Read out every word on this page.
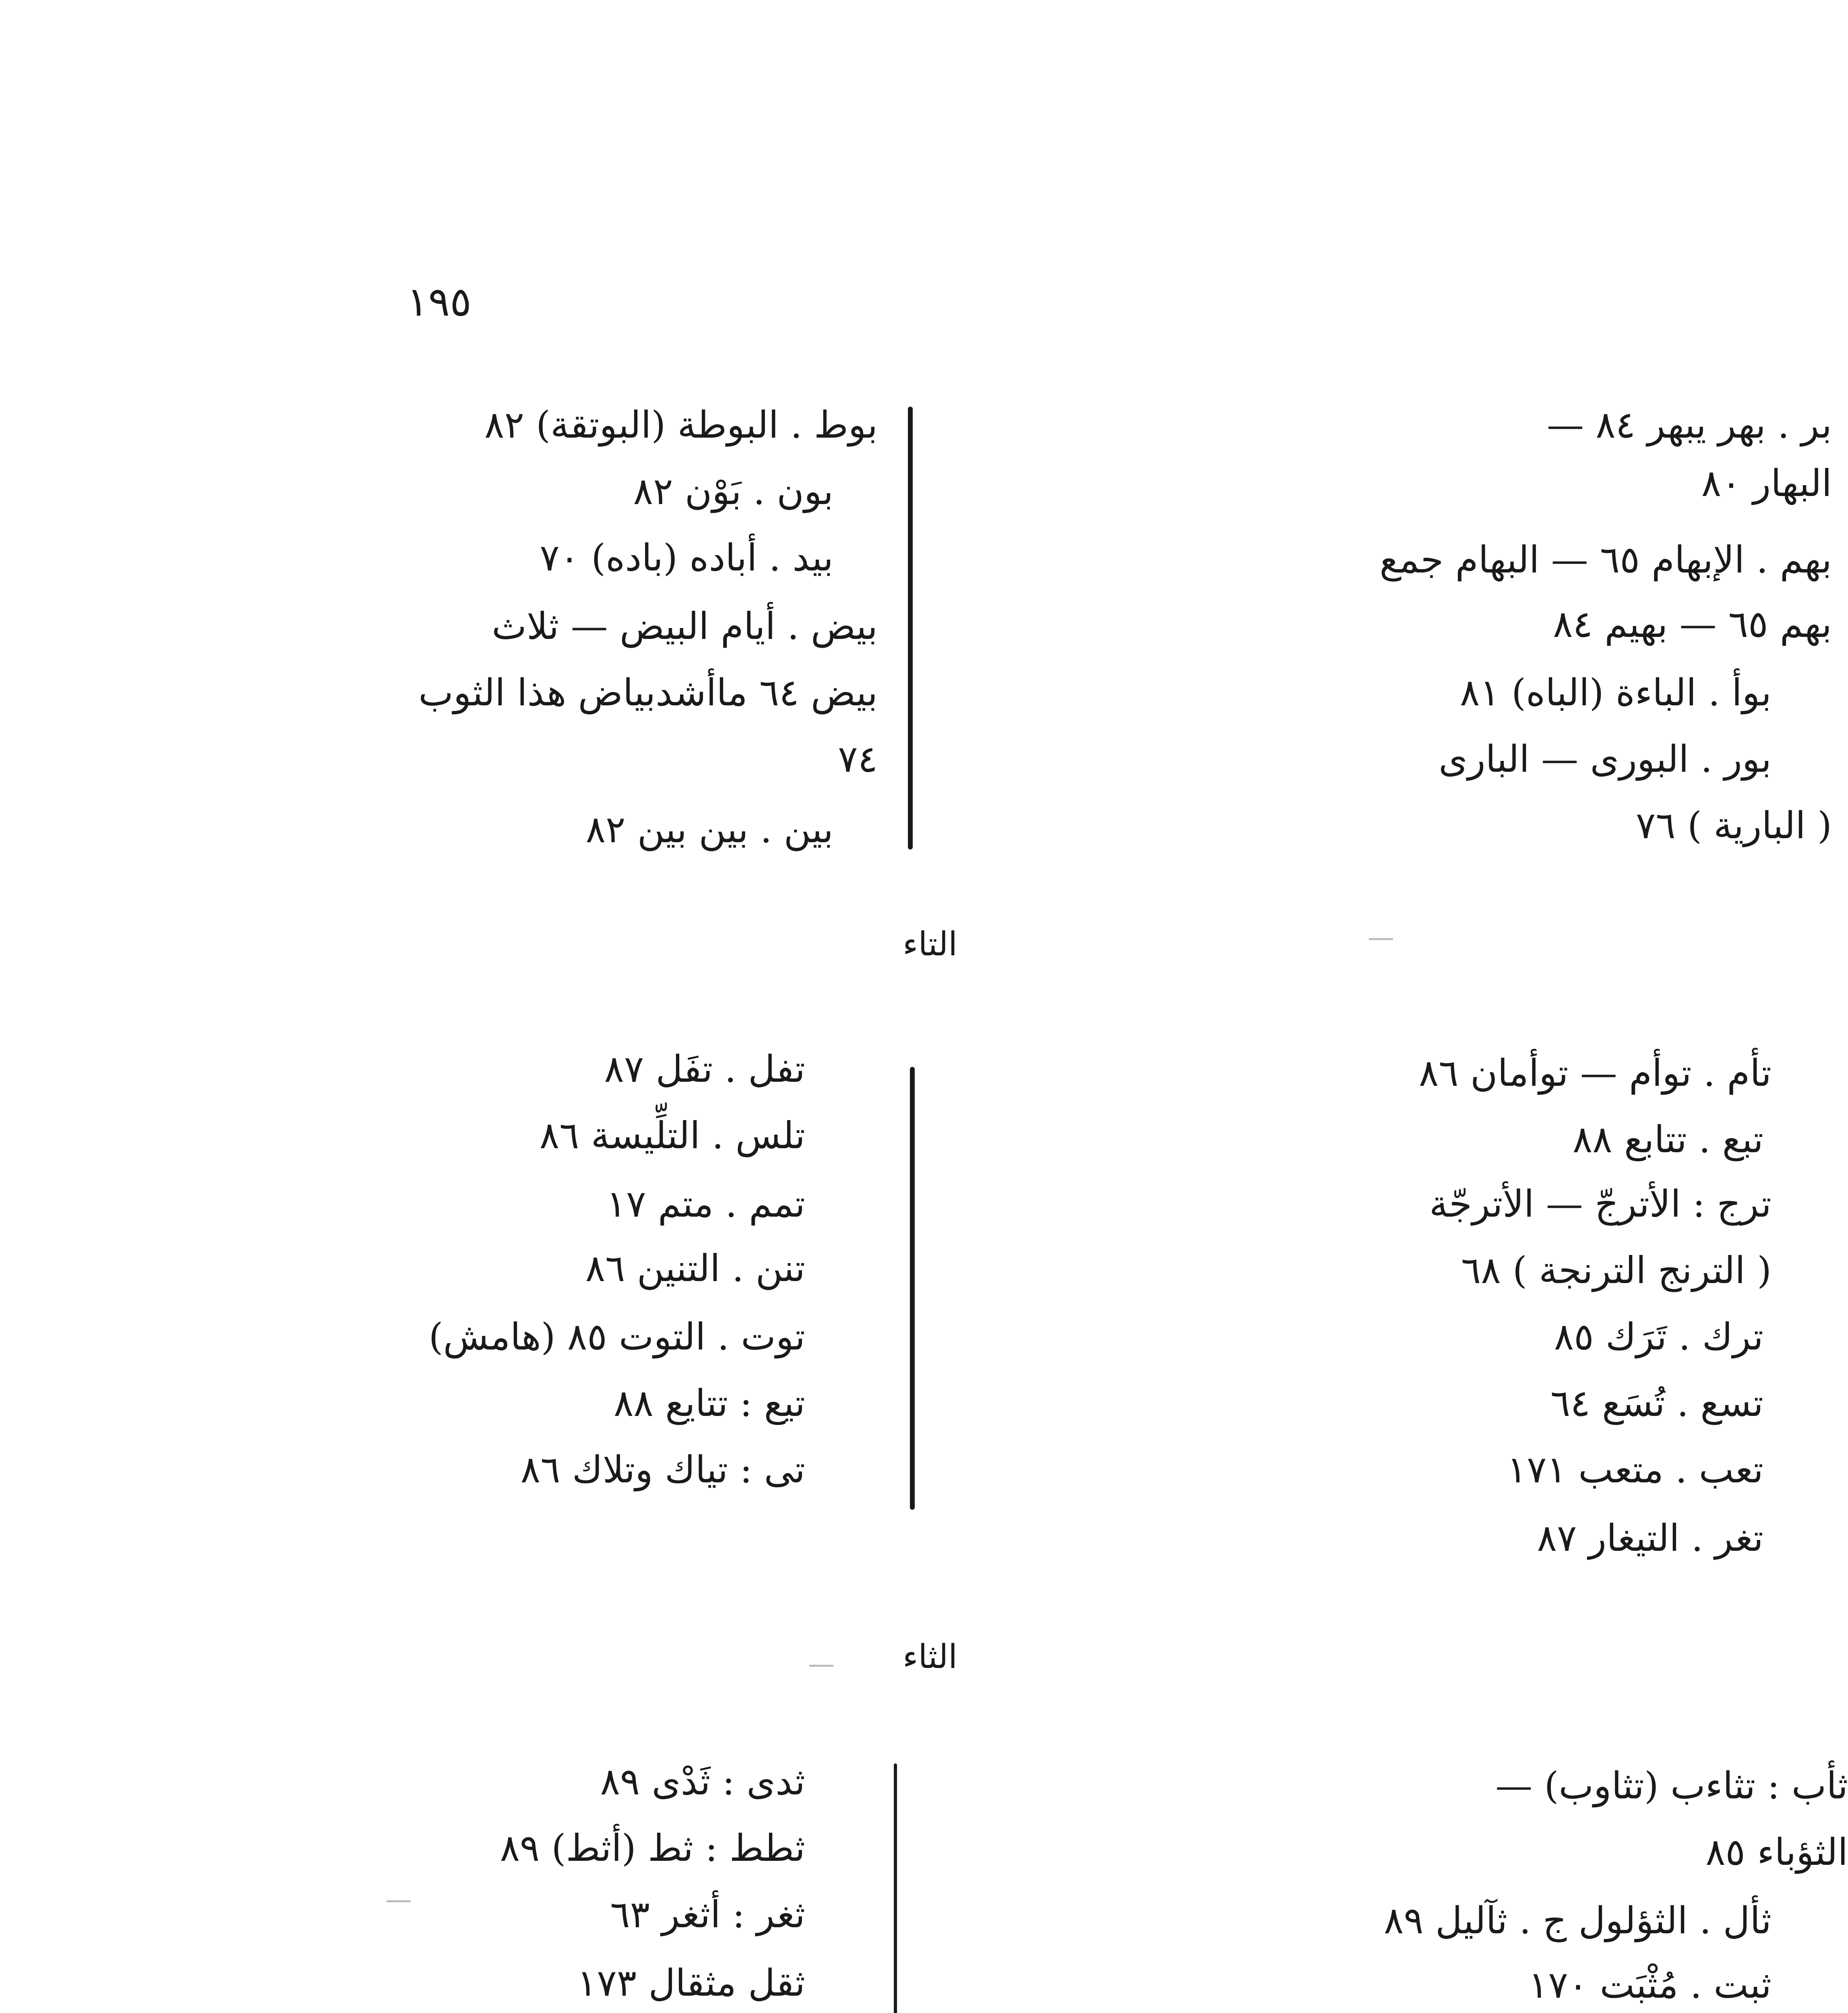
١٩٥
بر . بهر يبهر ٨٤ —
البهار ٨٠
بهم . الإبهام ٦٥ — البهام جمع
بهم ٦٥ — بهيم ٨٤
بوأ . الباءة (الباه) ٨١
بور . البورى — البارى
( البارية ) ٧٦
بوط . البوطة (البوتقة) ٨٢
بون . بَوْن ٨٢
بيد . أباده (باده) ٧٠
بيض . أيام البيض — ثلاث
بيض ٦٤ ماأشدبياض هذا الثوب
٧٤
بين . بين بين ٨٢
التاء
تأم . توأم — توأمان ٨٦
تبع . تتابع ٨٨
ترج : الأترجّ — الأترجّة
( الترنج الترنجة ) ٦٨
ترك . تَرَك ٨٥
تسع . تُسَع ٦٤
تعب . متعب ١٧١
تغر . التيغار ٨٧
تفل . تفَل ٨٧
تلس . التلِّيسة ٨٦
تمم . متم ١٧
تنن . التنين ٨٦
توت . التوت ٨٥ (هامش)
تيع : تتايع ٨٨
تى : تياك وتلاك ٨٦
الثاء
ثأب : تثاءب (تثاوب) —
الثؤباء ٨٥
ثأل . الثؤلول ج . ثآليل ٨٩
ثبت . مُثْبَت ١٧٠
ثدى : ثَدْى ٨٩
ثطط : ثط (أثط) ٨٩
ثغر : أثغر ٦٣
ثقل مثقال ١٧٣
